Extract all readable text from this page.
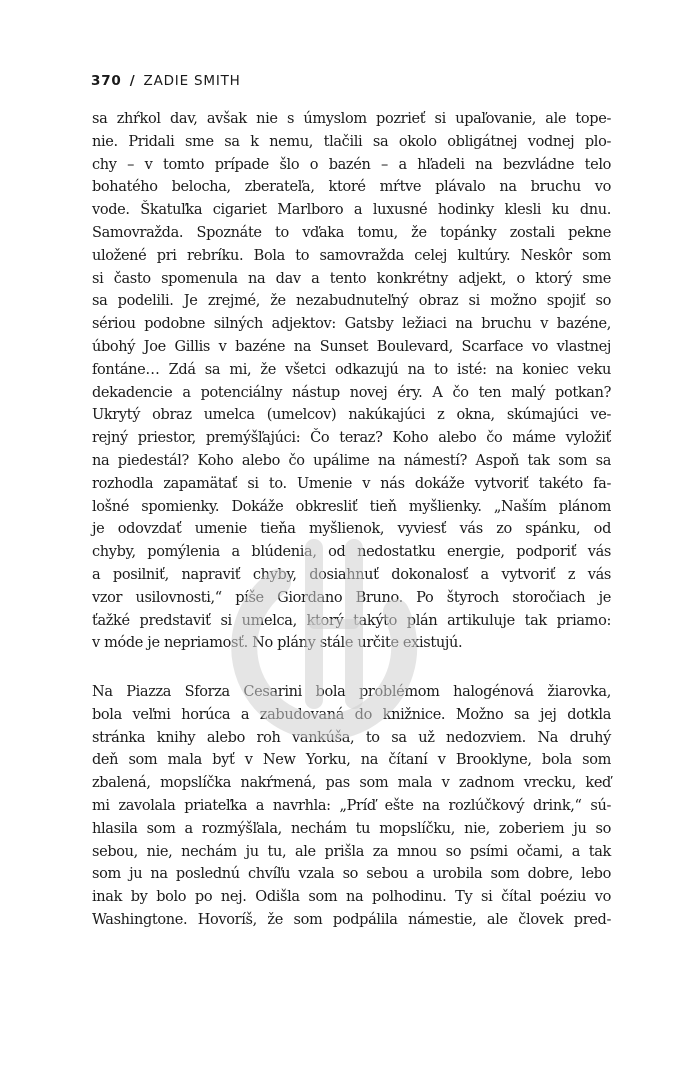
370 / ZADIE SMITH
sa zhŕkol dav, avšak nie s úmyslom pozrieť si upaľovanie, ale tope-
nie. Pridali sme sa k nemu, tlačili sa okolo obligátnej vodnej plo-
chy – v tomto prípade šlo o bazén – a hľadeli na bezvládne telo
bohatého belocha, zberateľa, ktoré mŕtve plávalo na bruchu vo
vode. Škatuľka cigariet Marlboro a luxusné hodinky klesli ku dnu.
Samovražda. Spoznáte to vďaka tomu, že topánky zostali pekne
uložené pri rebríku. Bola to samovražda celej kultúry. Neskôr som
si často spomenula na dav a tento konkrétny adjekt, o ktorý sme
sa podelili. Je zrejmé, že nezabudnuteľný obraz si možno spojiť so
sériou podobne silných adjektov: Gatsby ležiaci na bruchu v bazéne,
úbohý Joe Gillis v bazéne na Sunset Boulevard, Scarface vo vlastnej
fontáne… Zdá sa mi, že všetci odkazujú na to isté: na koniec veku
dekadencie a potenciálny nástup novej éry. A čo ten malý potkan?
Ukrytý obraz umelca (umelcov) nakúkajúci z okna, skúmajúci ve-
rejný priestor, premýšľajúci: Čo teraz? Koho alebo čo máme vyložiť
na piedestál? Koho alebo čo upálime na námestí? Aspoň tak som sa
rozhodla zapamätať si to. Umenie v nás dokáže vytvoriť takéto fa-
lošné spomienky. Dokáže obkresliť tieň myšlienky. „Naším plánom
je odovzdať umenie tieňa myšlienok, vyviesť vás zo spánku, od
chyby, pomýlenia a blúdenia, od nedostatku energie, podporiť vás
a posilniť, napraviť chyby, dosiahnuť dokonalosť a vytvoriť z vás
vzor usilovnosti,“ píše Giordano Bruno. Po štyroch storočiach je
ťažké predstaviť si umelca, ktorý takýto plán artikuluje tak priamo:
v móde je nepriamosť. No plány stále určite existujú.
Na Piazza Sforza Cesarini bola problémom halogénová žiarovka,
bola veľmi horúca a zabudovaná do knižnice. Možno sa jej dotkla
stránka knihy alebo roh vankúša, to sa už nedozviem. Na druhý
deň som mala byť v New Yorku, na čítaní v Brooklyne, bola som
zbalená, mopslíčka nakŕmená, pas som mala v zadnom vrecku, keď
mi zavolala priateľka a navrhla: „Príď ešte na rozlúčkový drink,“ sú-
hlasila som a rozmýšľala, nechám tu mopslíčku, nie, zoberiem ju so
sebou, nie, nechám ju tu, ale prišla za mnou so psími očami, a tak
som ju na poslednú chvíľu vzala so sebou a urobila som dobre, lebo
inak by bolo po nej. Odišla som na polhodinu. Ty si čítal poéziu vo
Washingtone. Hovoríš, že som podpálila námestie, ale človek pred-
